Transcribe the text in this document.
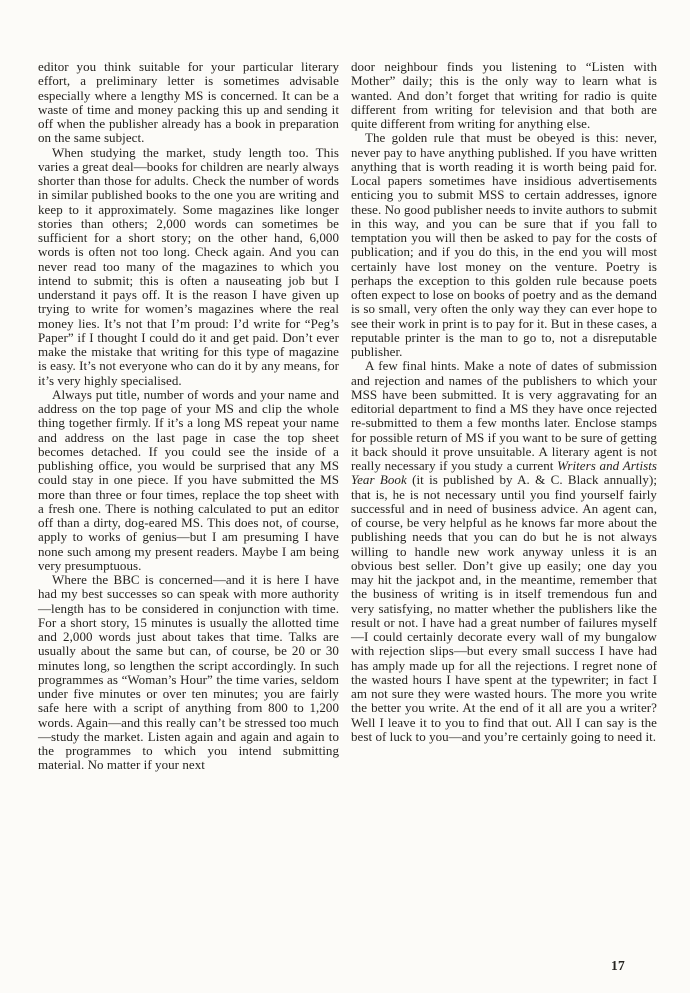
editor you think suitable for your particular literary effort, a preliminary letter is sometimes advisable especially where a lengthy MS is concerned. It can be a waste of time and money packing this up and sending it off when the publisher already has a book in preparation on the same subject.

When studying the market, study length too. This varies a great deal—books for children are nearly always shorter than those for adults. Check the number of words in similar published books to the one you are writing and keep to it approximately. Some magazines like longer stories than others; 2,000 words can sometimes be sufficient for a short story; on the other hand, 6,000 words is often not too long. Check again. And you can never read too many of the magazines to which you intend to submit; this is often a nauseating job but I understand it pays off. It is the reason I have given up trying to write for women’s magazines where the real money lies. It’s not that I’m proud: I’d write for “Peg’s Paper” if I thought I could do it and get paid. Don’t ever make the mistake that writing for this type of magazine is easy. It’s not everyone who can do it by any means, for it’s very highly specialised.

Always put title, number of words and your name and address on the top page of your MS and clip the whole thing together firmly. If it’s a long MS repeat your name and address on the last page in case the top sheet becomes detached. If you could see the inside of a publishing office, you would be surprised that any MS could stay in one piece. If you have submitted the MS more than three or four times, replace the top sheet with a fresh one. There is nothing calculated to put an editor off than a dirty, dog-eared MS. This does not, of course, apply to works of genius—but I am presuming I have none such among my present readers. Maybe I am being very presumptuous.

Where the BBC is concerned—and it is here I have had my best successes so can speak with more authority—length has to be considered in conjunction with time. For a short story, 15 minutes is usually the allotted time and 2,000 words just about takes that time. Talks are usually about the same but can, of course, be 20 or 30 minutes long, so lengthen the script accordingly. In such programmes as “Woman’s Hour” the time varies, seldom under five minutes or over ten minutes; you are fairly safe here with a script of anything from 800 to 1,200 words. Again—and this really can’t be stressed too much—study the market. Listen again and again and again to the programmes to which you intend submitting material. No matter if your next

door neighbour finds you listening to “Listen with Mother” daily; this is the only way to learn what is wanted. And don’t forget that writing for radio is quite different from writing for television and that both are quite different from writing for anything else.

The golden rule that must be obeyed is this: never, never pay to have anything published. If you have written anything that is worth reading it is worth being paid for. Local papers sometimes have insidious advertisements enticing you to submit MSS to certain addresses, ignore these. No good publisher needs to invite authors to submit in this way, and you can be sure that if you fall to temptation you will then be asked to pay for the costs of publication; and if you do this, in the end you will most certainly have lost money on the venture. Poetry is perhaps the exception to this golden rule because poets often expect to lose on books of poetry and as the demand is so small, very often the only way they can ever hope to see their work in print is to pay for it. But in these cases, a reputable printer is the man to go to, not a disreputable publisher.

A few final hints. Make a note of dates of submission and rejection and names of the publishers to which your MSS have been submitted. It is very aggravating for an editorial department to find a MS they have once rejected re-submitted to them a few months later. Enclose stamps for possible return of MS if you want to be sure of getting it back should it prove unsuitable. A literary agent is not really necessary if you study a current Writers and Artists Year Book (it is published by A. & C. Black annually); that is, he is not necessary until you find yourself fairly successful and in need of business advice. An agent can, of course, be very helpful as he knows far more about the publishing needs that you can do but he is not always willing to handle new work anyway unless it is an obvious best seller. Don’t give up easily; one day you may hit the jackpot and, in the meantime, remember that the business of writing is in itself tremendous fun and very satisfying, no matter whether the publishers like the result or not. I have had a great number of failures myself—I could certainly decorate every wall of my bungalow with rejection slips—but every small success I have had has amply made up for all the rejections. I regret none of the wasted hours I have spent at the typewriter; in fact I am not sure they were wasted hours. The more you write the better you write. At the end of it all are you a writer? Well I leave it to you to find that out. All I can say is the best of luck to you—and you’re certainly going to need it.

17
